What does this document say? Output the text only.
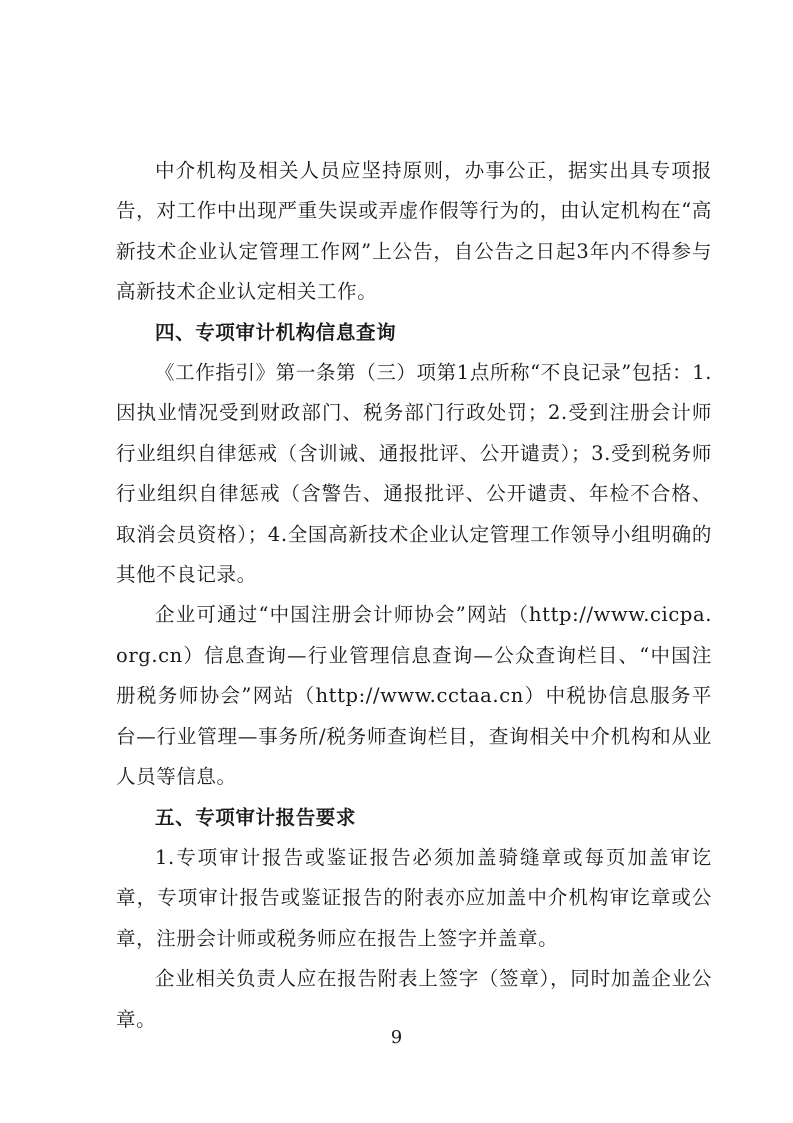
中介机构及相关人员应坚持原则，办事公正，据实出具专项报告，对工作中出现严重失误或弄虚作假等行为的，由认定机构在“高新技术企业认定管理工作网”上公告，自公告之日起3年内不得参与高新技术企业认定相关工作。

四、专项审计机构信息查询

《工作指引》第一条第（三）项第1点所称“不良记录”包括：1.因执业情况受到财政部门、税务部门行政处罚；2.受到注册会计师行业组织自律惩戒（含训诫、通报批评、公开谴责）；3.受到税务师行业组织自律惩戒（含警告、通报批评、公开谴责、年检不合格、取消会员资格）；4.全国高新技术企业认定管理工作领导小组明确的其他不良记录。

企业可通过“中国注册会计师协会”网站（http://www.cicpa.org.cn）信息查询—行业管理信息查询—公众查询栏目、“中国注册税务师协会”网站（http://www.cctaa.cn）中税协信息服务平台—行业管理—事务所/税务师查询栏目，查询相关中介机构和从业人员等信息。

五、专项审计报告要求

1.专项审计报告或鉴证报告必须加盖骑缝章或每页加盖审讫章，专项审计报告或鉴证报告的附表亦应加盖中介机构审讫章或公章，注册会计师或税务师应在报告上签字并盖章。

企业相关负责人应在报告附表上签字（签章），同时加盖企业公章。

9
